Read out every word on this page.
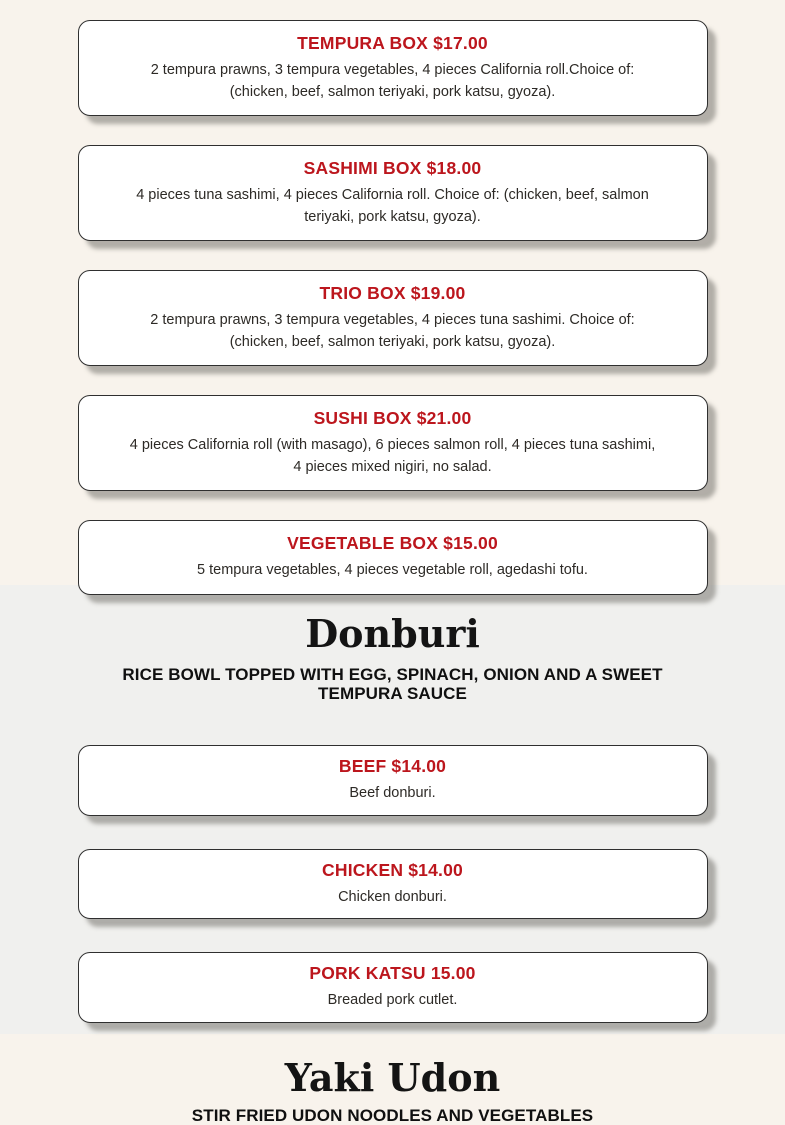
TEMPURA BOX $17.00
2 tempura prawns, 3 tempura vegetables, 4 pieces California roll.Choice of: (chicken, beef, salmon teriyaki, pork katsu, gyoza).
SASHIMI BOX $18.00
4 pieces tuna sashimi, 4 pieces California roll. Choice of: (chicken, beef, salmon teriyaki, pork katsu, gyoza).
TRIO BOX $19.00
2 tempura prawns, 3 tempura vegetables, 4 pieces tuna sashimi. Choice of:(chicken, beef, salmon teriyaki, pork katsu, gyoza).
SUSHI BOX $21.00
4 pieces California roll (with masago), 6 pieces salmon roll, 4 pieces tuna sashimi, 4 pieces mixed nigiri, no salad.
VEGETABLE BOX $15.00
5 tempura vegetables, 4 pieces vegetable roll, agedashi tofu.
Donburi
RICE BOWL TOPPED WITH EGG, SPINACH, ONION AND A SWEET TEMPURA SAUCE
BEEF $14.00
Beef donburi.
CHICKEN $14.00
Chicken donburi.
PORK KATSU 15.00
Breaded pork cutlet.
Yaki Udon
STIR FRIED UDON NOODLES AND VEGETABLES
